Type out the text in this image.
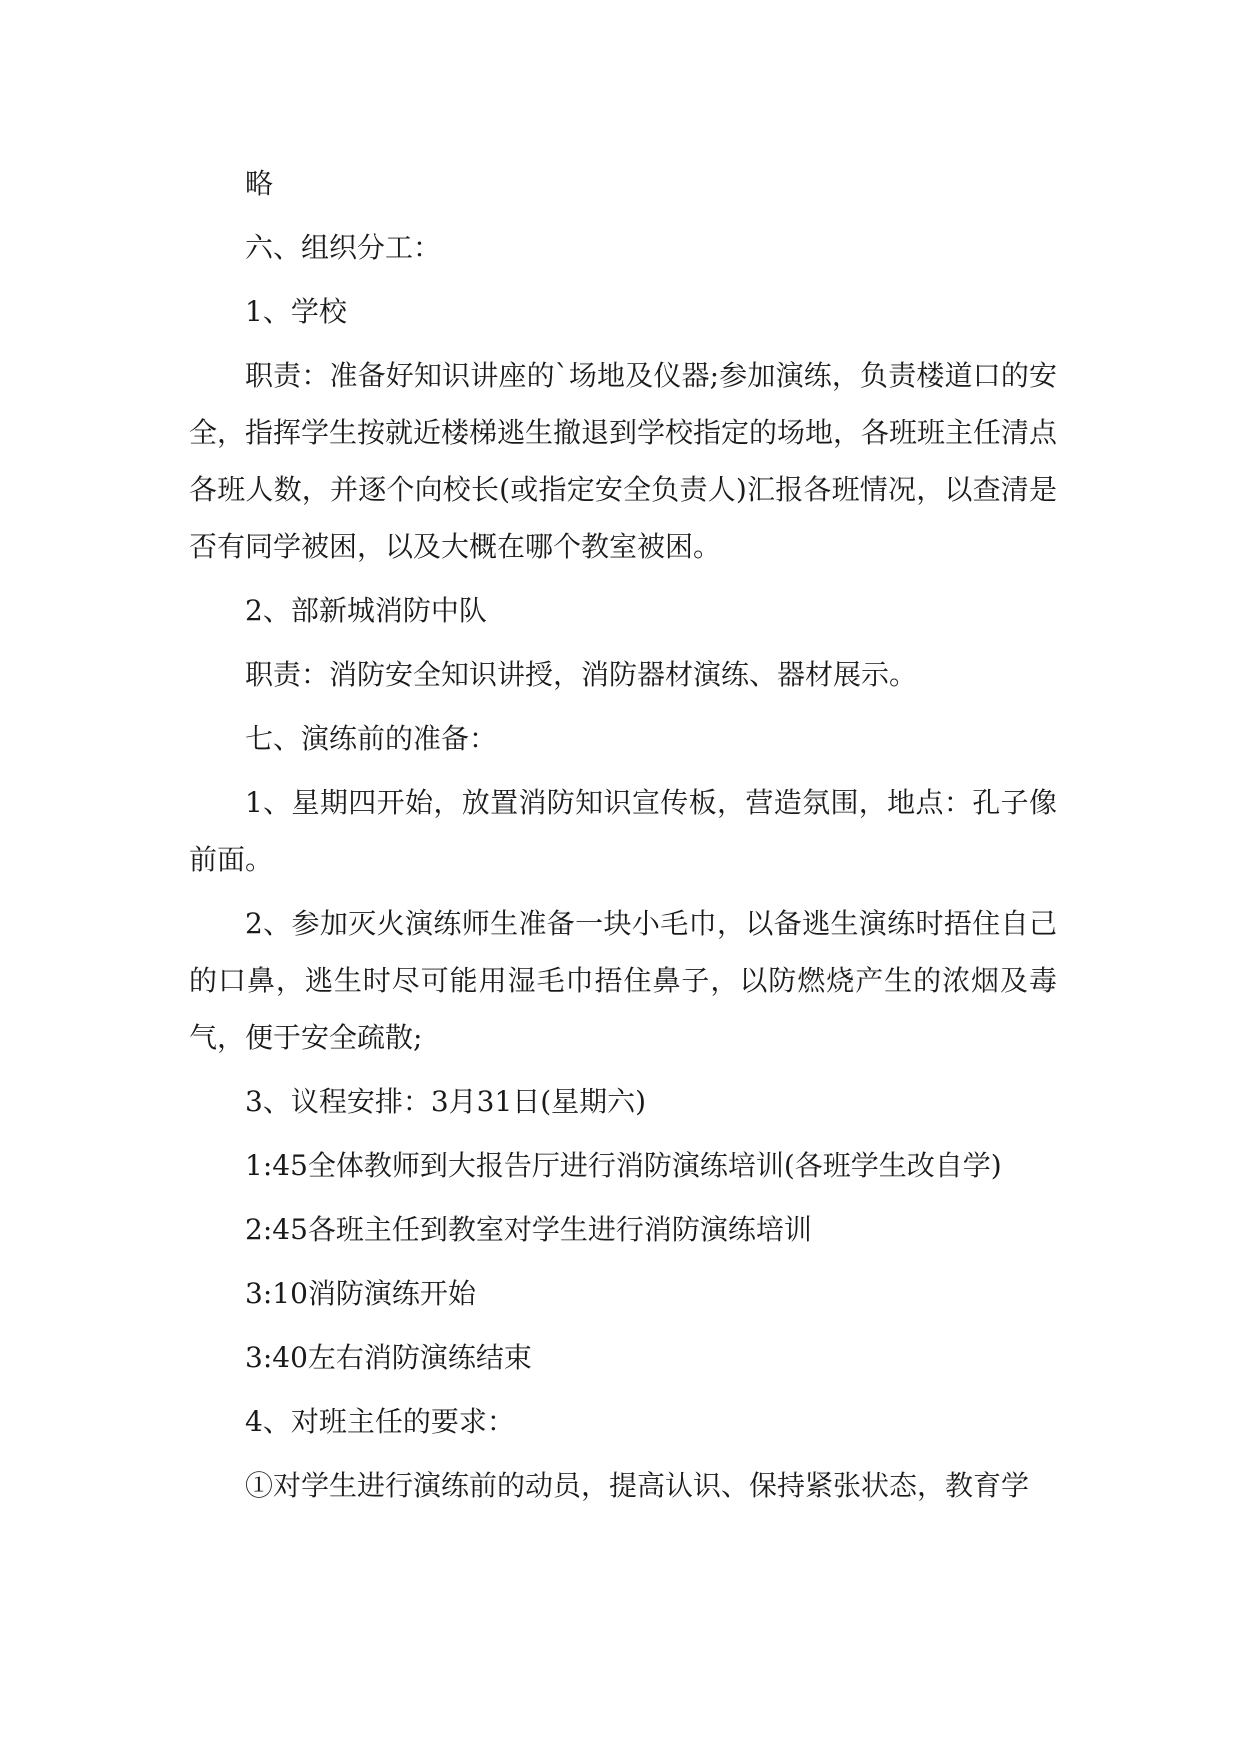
略

六、组织分工：

1、学校

职责：准备好知识讲座的`场地及仪器;参加演练，负责楼道口的安全，指挥学生按就近楼梯逃生撤退到学校指定的场地，各班班主任清点各班人数，并逐个向校长(或指定安全负责人)汇报各班情况，以查清是否有同学被困，以及大概在哪个教室被困。

2、部新城消防中队

职责：消防安全知识讲授，消防器材演练、器材展示。

七、演练前的准备：

1、星期四开始，放置消防知识宣传板，营造氛围，地点：孔子像前面。

2、参加灭火演练师生准备一块小毛巾，以备逃生演练时捂住自己的口鼻，逃生时尽可能用湿毛巾捂住鼻子，以防燃烧产生的浓烟及毒气，便于安全疏散;

3、议程安排：3月31日(星期六)

1:45全体教师到大报告厅进行消防演练培训(各班学生改自学)

2:45各班主任到教室对学生进行消防演练培训

3:10消防演练开始

3:40左右消防演练结束

4、对班主任的要求：

①对学生进行演练前的动员，提高认识、保持紧张状态，教育学
